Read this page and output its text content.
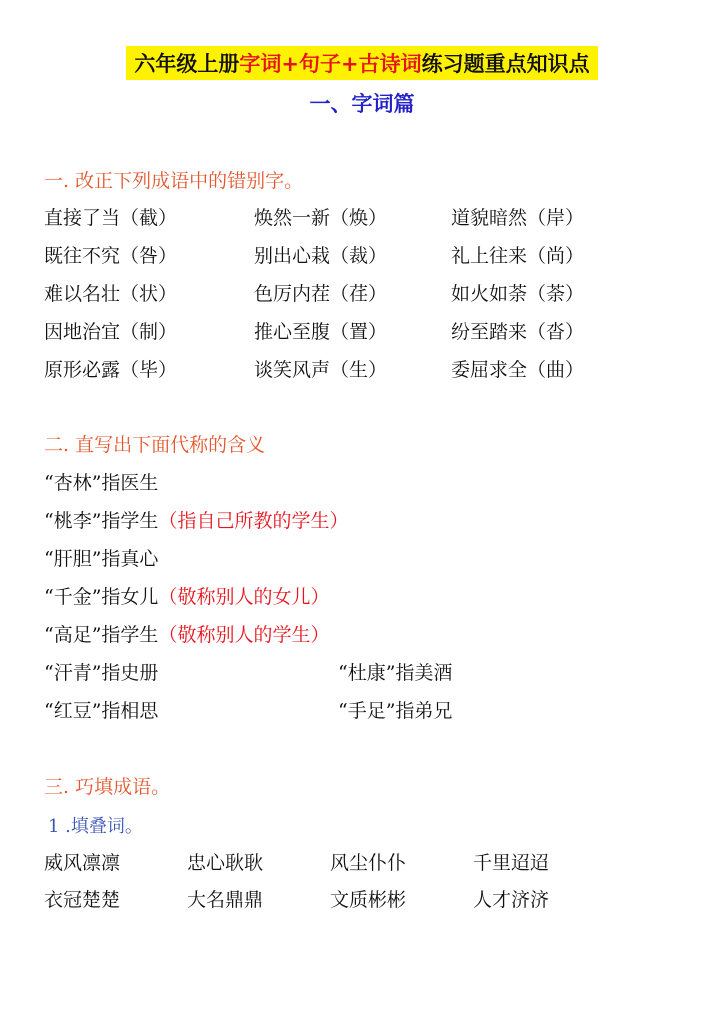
六年级上册字词+句子+古诗词练习题重点知识点
一、字词篇
一. 改正下列成语中的错别字。
直接了当（截）	焕然一新（焕）	道貌暗然（岸）
既往不究（咎）	别出心栽（裁）	礼上往来（尚）
难以名壮（状）	色厉内茬（荏）	如火如荼（荼）
因地治宜（制）	推心至腹（置）	纷至踏来（沓）
原形必露（毕）	谈笑风声（生）	委屈求全（曲）
二. 直写出下面代称的含义
“杏林”指医生
“桃李”指学生 （指自己所教的学生）
“肝胆”指真心
“千金”指女儿 （敬称别人的女儿）
“高足”指学生 （敬称别人的学生）
“汗青”指史册	“杜康”指美酒
“红豆”指相思	“手足”指弟兄
三. 巧填成语。
1 .填叠词。
威风凛凛	忠心耿耿	风尘仆仆	千里迢迢
衣冠楚楚	大名鼎鼎	文质彬彬	人才济济
